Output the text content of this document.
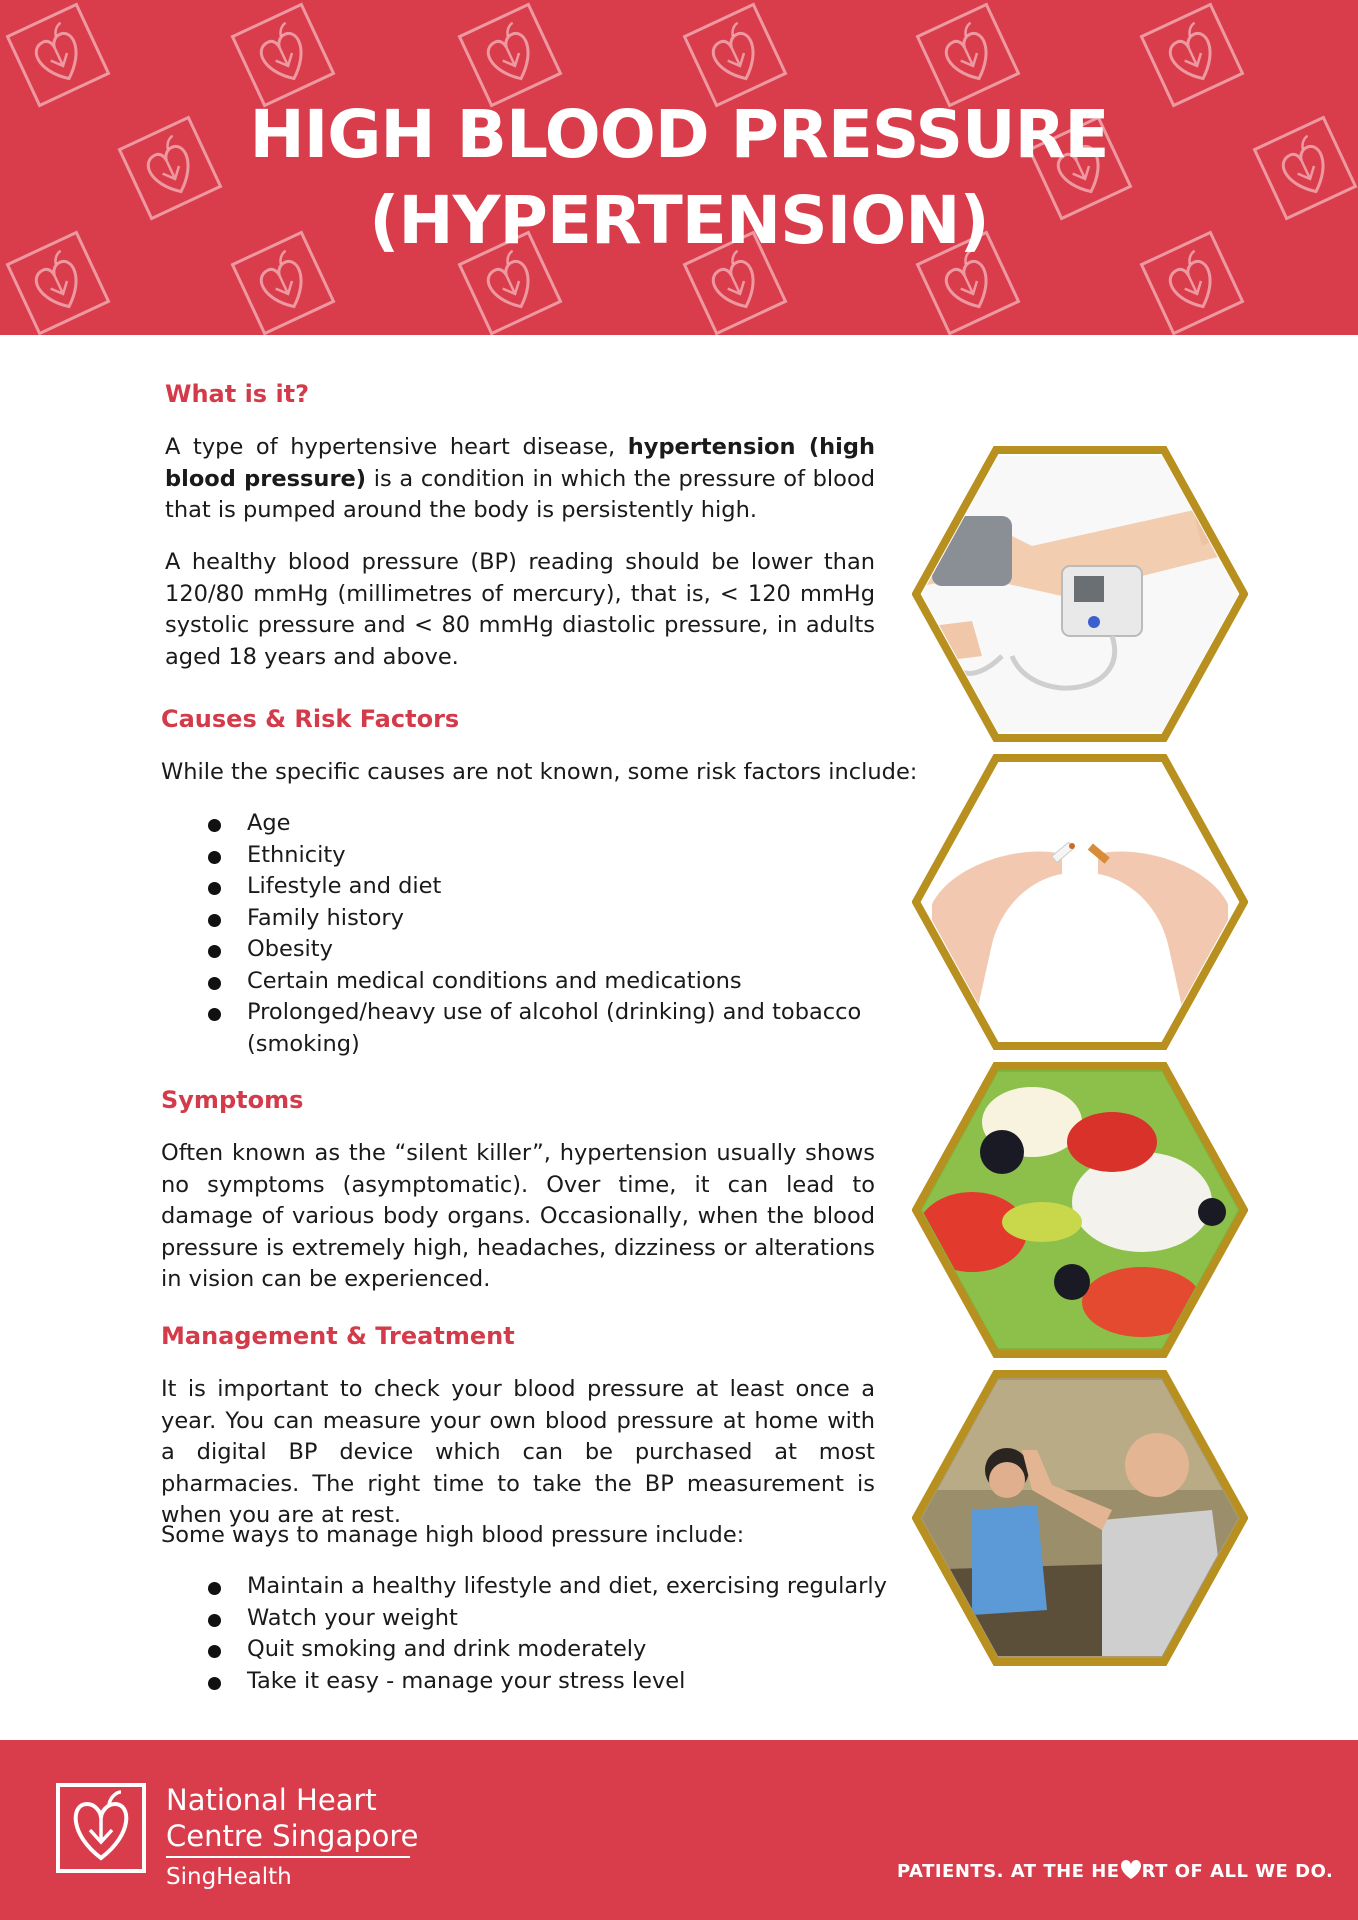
HIGH BLOOD PRESSURE
(HYPERTENSION)
What is it?

A type of hypertensive heart disease, hypertension (high blood pressure) is a condition in which the pressure of blood that is pumped around the body is persistently high.

A healthy blood pressure (BP) reading should be lower than 120/80 mmHg (millimetres of mercury), that is, < 120 mmHg systolic pressure and < 80 mmHg diastolic pressure, in adults aged 18 years and above.

Causes & Risk Factors

While the specific causes are not known, some risk factors include:

Age
Ethnicity
Lifestyle and diet
Family history
Obesity
Certain medical conditions and medications
Prolonged/heavy use of alcohol (drinking) and tobacco
(smoking)
Symptoms

Often known as the “silent killer”, hypertension usually shows no symptoms (asymptomatic). Over time, it can lead to damage of various body organs. Occasionally, when the blood pressure is extremely high, headaches, dizziness or alterations in vision can be experienced.

Management & Treatment

It is important to check your blood pressure at least once a year. You can measure your own blood pressure at home with a digital BP device which can be purchased at most pharmacies. The right time to take the BP measurement is when you are at rest.

Some ways to manage high blood pressure include:

Maintain a healthy lifestyle and diet, exercising regularly
Watch your weight
Quit smoking and drink moderately
Take it easy - manage your stress level
National Heart
Centre Singapore
SingHealth	PATIENTS. AT THE HE RT OF ALL WE DO.
